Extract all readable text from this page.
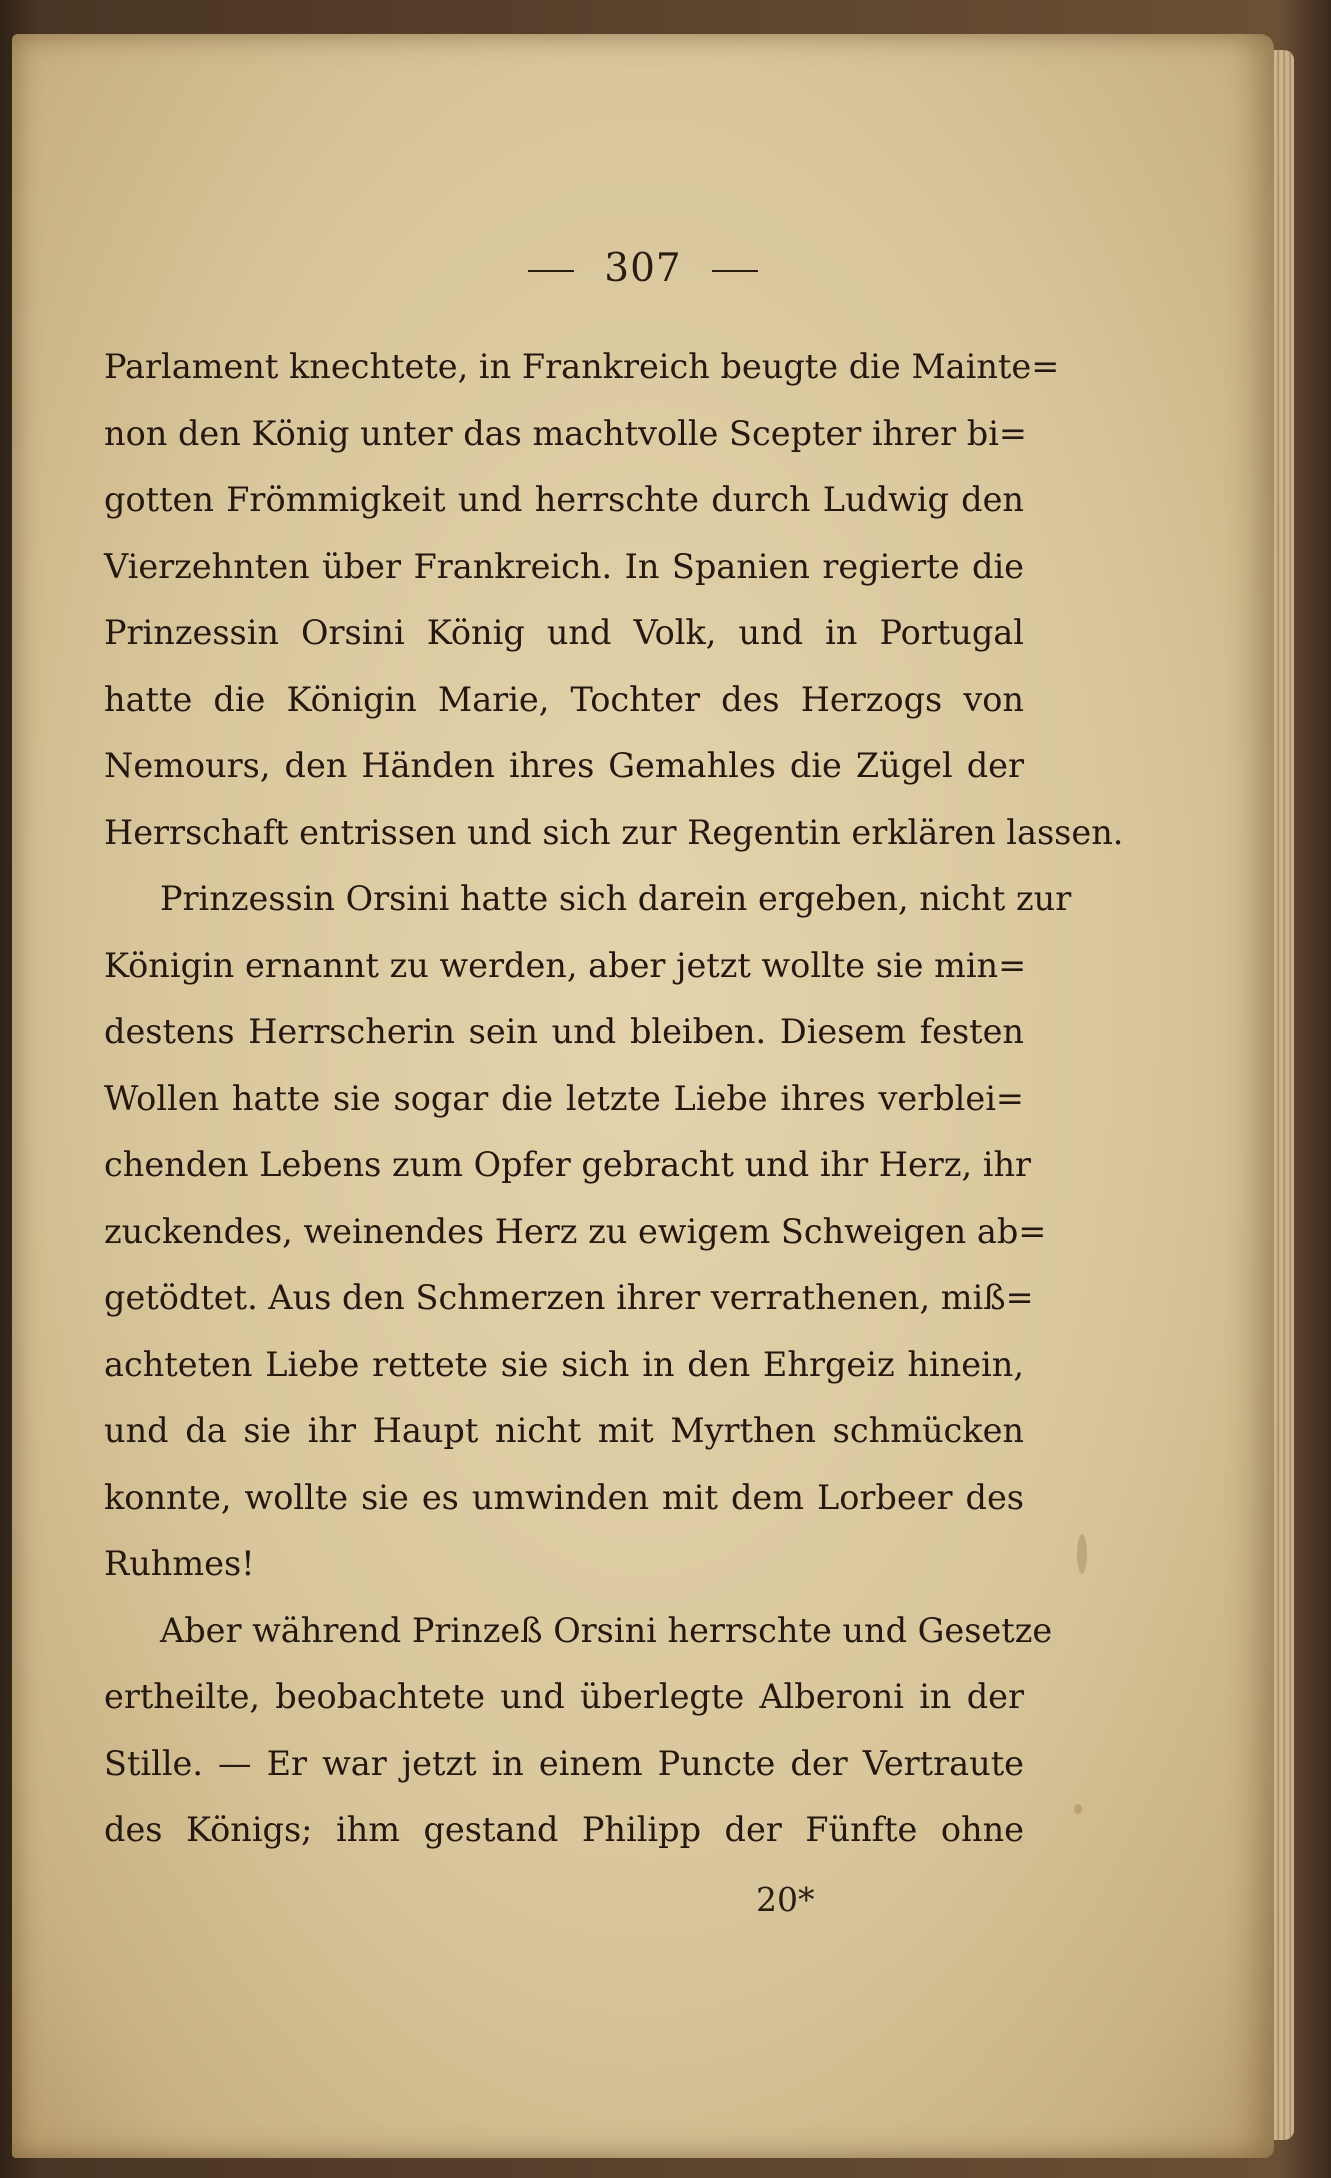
307
Parlament knechtete, in Frankreich beugte die Mainte=
non den König unter das machtvolle Scepter ihrer bi=
gotten Frömmigkeit und herrschte durch Ludwig den
Vierzehnten über Frankreich. In Spanien regierte die
Prinzessin Orsini König und Volk, und in Portugal
hatte die Königin Marie, Tochter des Herzogs von
Nemours, den Händen ihres Gemahles die Zügel der
Herrschaft entrissen und sich zur Regentin erklären lassen.
Prinzessin Orsini hatte sich darein ergeben, nicht zur
Königin ernannt zu werden, aber jetzt wollte sie min=
destens Herrscherin sein und bleiben. Diesem festen
Wollen hatte sie sogar die letzte Liebe ihres verblei=
chenden Lebens zum Opfer gebracht und ihr Herz, ihr
zuckendes, weinendes Herz zu ewigem Schweigen ab=
getödtet. Aus den Schmerzen ihrer verrathenen, miß=
achteten Liebe rettete sie sich in den Ehrgeiz hinein,
und da sie ihr Haupt nicht mit Myrthen schmücken
konnte, wollte sie es umwinden mit dem Lorbeer des
Ruhmes!
Aber während Prinzeß Orsini herrschte und Gesetze
ertheilte, beobachtete und überlegte Alberoni in der
Stille. — Er war jetzt in einem Puncte der Vertraute
des Königs; ihm gestand Philipp der Fünfte ohne
20*
